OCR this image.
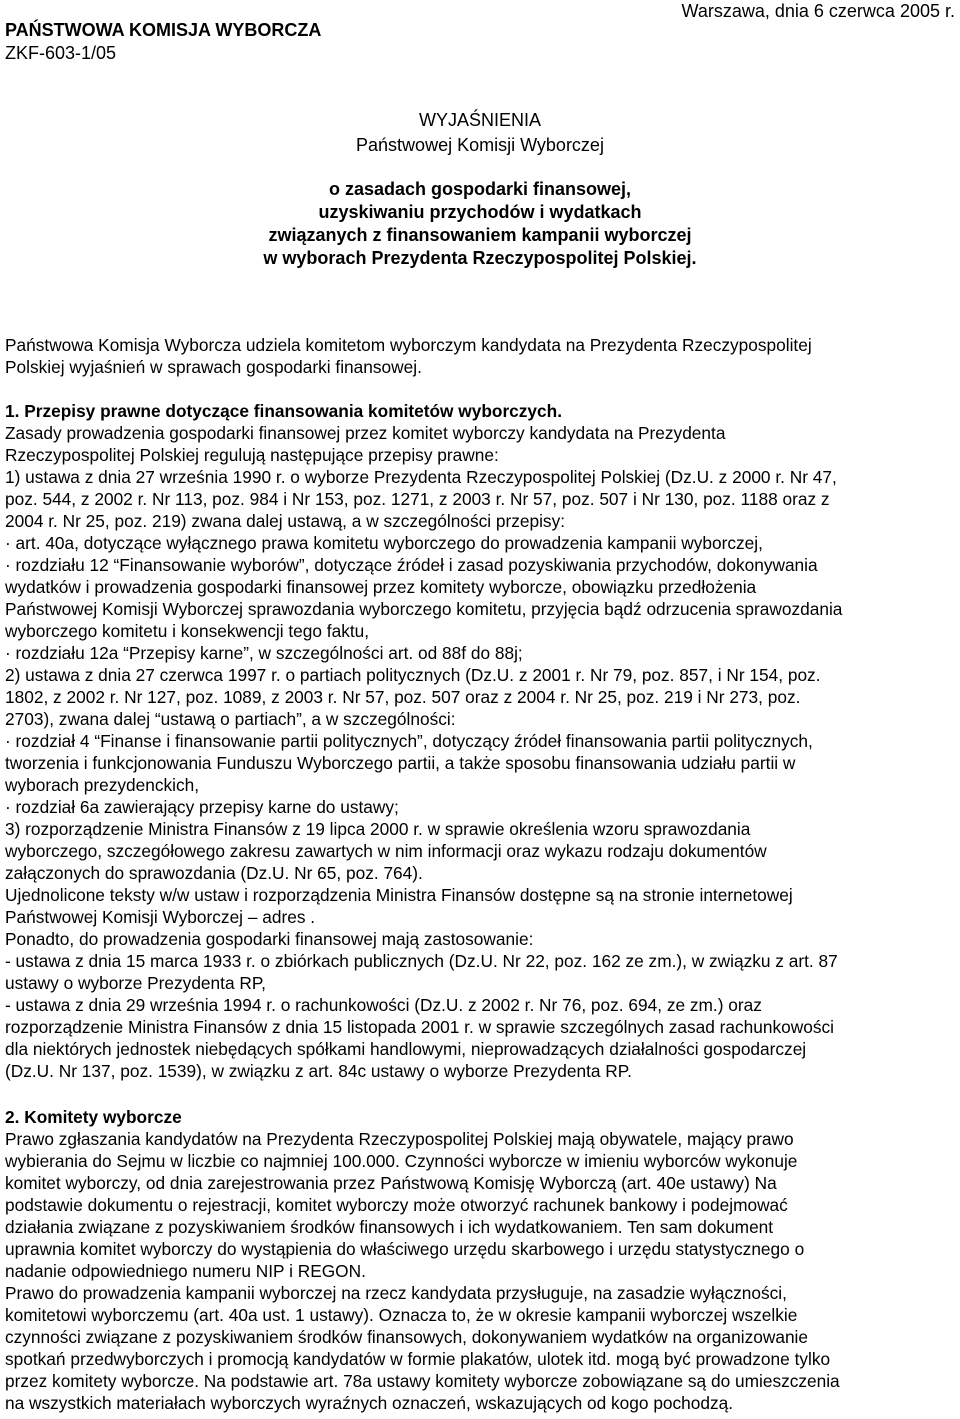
PAŃSTWOWA KOMISJA WYBORCZA
ZKF-603-1/05
Warszawa, dnia 6 czerwca 2005 r.
WYJAŚNIENIA
Państwowej Komisji Wyborczej
o zasadach gospodarki finansowej,
uzyskiwaniu przychodów i wydatkach
związanych z finansowaniem kampanii wyborczej
w wyborach Prezydenta Rzeczypospolitej Polskiej.

Państwowa Komisja Wyborcza udziela komitetom wyborczym kandydata na Prezydenta Rzeczypospolitej

Polskiej wyjaśnień w sprawach gospodarki finansowej.

1. Przepisy prawne dotyczące finansowania komitetów wyborczych.

Zasady prowadzenia gospodarki finansowej przez komitet wyborczy kandydata na Prezydenta

Rzeczypospolitej Polskiej regulują następujące przepisy prawne:

1) ustawa z dnia 27 września 1990 r. o wyborze Prezydenta Rzeczypospolitej Polskiej (Dz.U. z 2000 r. Nr 47,

poz. 544, z 2002 r. Nr 113, poz. 984 i Nr 153, poz. 1271, z 2003 r. Nr 57, poz. 507 i Nr 130, poz. 1188 oraz z

2004 r. Nr 25, poz. 219) zwana dalej ustawą, a w szczególności przepisy:

· art. 40a, dotyczące wyłącznego prawa komitetu wyborczego do prowadzenia kampanii wyborczej,

· rozdziału 12 “Finansowanie wyborów”, dotyczące źródeł i zasad pozyskiwania przychodów, dokonywania

wydatków i prowadzenia gospodarki finansowej przez komitety wyborcze, obowiązku przedłożenia

Państwowej Komisji Wyborczej sprawozdania wyborczego komitetu, przyjęcia bądź odrzucenia sprawozdania

wyborczego komitetu i konsekwencji tego faktu,

· rozdziału 12a “Przepisy karne”, w szczególności art. od 88f do 88j;

2) ustawa z dnia 27 czerwca 1997 r. o partiach politycznych (Dz.U. z 2001 r. Nr 79, poz. 857, i Nr 154, poz.

1802, z 2002 r. Nr 127, poz. 1089, z 2003 r. Nr 57, poz. 507 oraz z 2004 r. Nr 25, poz. 219 i Nr 273, poz.

2703), zwana dalej “ustawą o partiach”, a w szczególności:

· rozdział 4 “Finanse i finansowanie partii politycznych”, dotyczący źródeł finansowania partii politycznych,

tworzenia i funkcjonowania Funduszu Wyborczego partii, a także sposobu finansowania udziału partii w

wyborach prezydenckich,

· rozdział 6a zawierający przepisy karne do ustawy;

3) rozporządzenie Ministra Finansów z 19 lipca 2000 r. w sprawie określenia wzoru sprawozdania

wyborczego, szczegółowego zakresu zawartych w nim informacji oraz wykazu rodzaju dokumentów

załączonych do sprawozdania (Dz.U. Nr 65, poz. 764).

Ujednolicone teksty w/w ustaw i rozporządzenia Ministra Finansów dostępne są na stronie internetowej

Państwowej Komisji Wyborczej – adres .

Ponadto, do prowadzenia gospodarki finansowej mają zastosowanie:

- ustawa z dnia 15 marca 1933 r. o zbiórkach publicznych (Dz.U. Nr 22, poz. 162 ze zm.), w związku z art. 87

ustawy o wyborze Prezydenta RP,

- ustawa z dnia 29 września 1994 r. o rachunkowości (Dz.U. z 2002 r. Nr 76, poz. 694, ze zm.) oraz

rozporządzenie Ministra Finansów z dnia 15 listopada 2001 r. w sprawie szczególnych zasad rachunkowości

dla niektórych jednostek niebędących spółkami handlowymi, nieprowadzących działalności gospodarczej

(Dz.U. Nr 137, poz. 1539), w związku z art. 84c ustawy o wyborze Prezydenta RP.

2. Komitety wyborcze

Prawo zgłaszania kandydatów na Prezydenta Rzeczypospolitej Polskiej mają obywatele, mający prawo

wybierania do Sejmu w liczbie co najmniej 100.000. Czynności wyborcze w imieniu wyborców wykonuje

komitet wyborczy, od dnia zarejestrowania przez Państwową Komisję Wyborczą (art. 40e ustawy) Na

podstawie dokumentu o rejestracji, komitet wyborczy może otworzyć rachunek bankowy i podejmować

działania związane z pozyskiwaniem środków finansowych i ich wydatkowaniem. Ten sam dokument

uprawnia komitet wyborczy do wystąpienia do właściwego urzędu skarbowego i urzędu statystycznego o

nadanie odpowiedniego numeru NIP i REGON.

Prawo do prowadzenia kampanii wyborczej na rzecz kandydata przysługuje, na zasadzie wyłączności,

komitetowi wyborczemu (art. 40a ust. 1 ustawy). Oznacza to, że w okresie kampanii wyborczej wszelkie

czynności związane z pozyskiwaniem środków finansowych, dokonywaniem wydatków na organizowanie

spotkań przedwyborczych i promocją kandydatów w formie plakatów, ulotek itd. mogą być prowadzone tylko

przez komitety wyborcze. Na podstawie art. 78a ustawy komitety wyborcze zobowiązane są do umieszczenia

na wszystkich materiałach wyborczych wyraźnych oznaczeń, wskazujących od kogo pochodzą.
